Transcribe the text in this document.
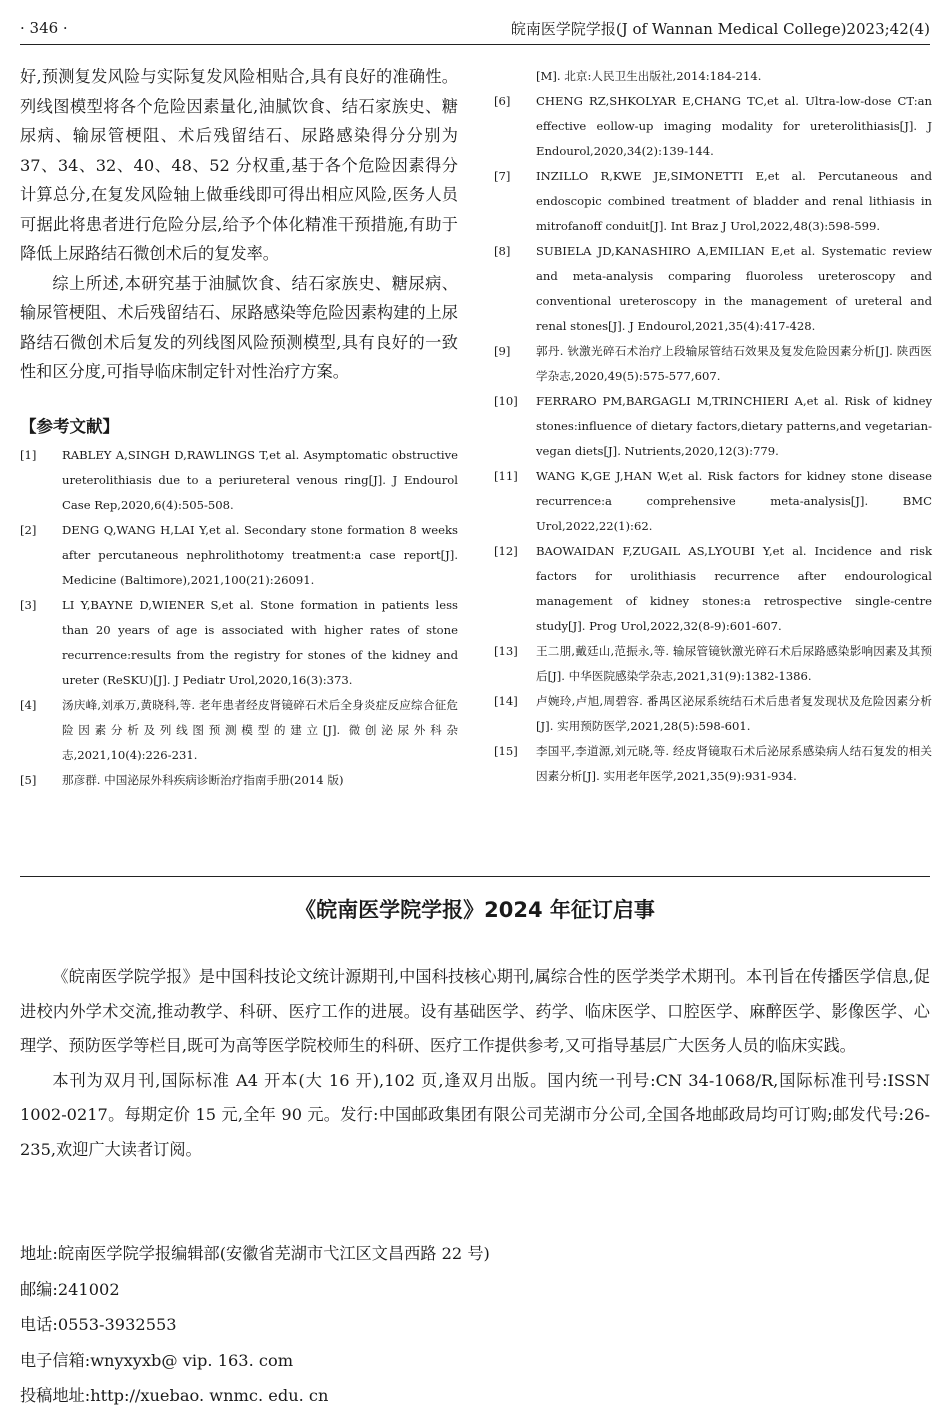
· 346 ·	皖南医学院学报(J of Wannan Medical College)2023;42(4)

好,预测复发风险与实际复发风险相贴合,具有良好的准确性。列线图模型将各个危险因素量化,油腻饮食、结石家族史、糖尿病、输尿管梗阻、术后残留结石、尿路感染得分分别为 37、34、32、40、48、52 分权重,基于各个危险因素得分计算总分,在复发风险轴上做垂线即可得出相应风险,医务人员可据此将患者进行危险分层,给予个体化精准干预措施,有助于降低上尿路结石微创术后的复发率。

综上所述,本研究基于油腻饮食、结石家族史、糖尿病、输尿管梗阻、术后残留结石、尿路感染等危险因素构建的上尿路结石微创术后复发的列线图风险预测模型,具有良好的一致性和区分度,可指导临床制定针对性治疗方案。

【参考文献】
[1]	RABLEY A,SINGH D,RAWLINGS T,et al. Asymptomatic obstructive ureterolithiasis due to a periureteral venous ring[J]. J Endourol Case Rep,2020,6(4):505-508.
[2]	DENG Q,WANG H,LAI Y,et al. Secondary stone formation 8 weeks after percutaneous nephrolithotomy treatment:a case report[J]. Medicine (Baltimore),2021,100(21):26091.
[3]	LI Y,BAYNE D,WIENER S,et al. Stone formation in patients less than 20 years of age is associated with higher rates of stone recurrence:results from the registry for stones of the kidney and ureter (ReSKU)[J]. J Pediatr Urol,2020,16(3):373.
[4]	汤庆峰,刘承万,黄晓科,等. 老年患者经皮肾镜碎石术后全身炎症反应综合征危险因素分析及列线图预测模型的建立[J]. 微创泌尿外科杂志,2021,10(4):226-231.
[5]	那彦群. 中国泌尿外科疾病诊断治疗指南手册(2014 版)
[M]. 北京:人民卫生出版社,2014:184-214.
[6]	CHENG RZ,SHKOLYAR E,CHANG TC,et al. Ultra-low-dose CT:an effective eollow-up imaging modality for ureterolithiasis[J]. J Endourol,2020,34(2):139-144.
[7]	INZILLO R,KWE JE,SIMONETTI E,et al. Percutaneous and endoscopic combined treatment of bladder and renal lithiasis in mitrofanoff conduit[J]. Int Braz J Urol,2022,48(3):598-599.
[8]	SUBIELA JD,KANASHIRO A,EMILIAN E,et al. Systematic review and meta-analysis comparing fluoroless ureteroscopy and conventional ureteroscopy in the management of ureteral and renal stones[J]. J Endourol,2021,35(4):417-428.
[9]	郭丹. 钬激光碎石术治疗上段输尿管结石效果及复发危险因素分析[J]. 陕西医学杂志,2020,49(5):575-577,607.
[10]	FERRARO PM,BARGAGLI M,TRINCHIERI A,et al. Risk of kidney stones:influence of dietary factors,dietary patterns,and vegetarian-vegan diets[J]. Nutrients,2020,12(3):779.
[11]	WANG K,GE J,HAN W,et al. Risk factors for kidney stone disease recurrence:a comprehensive meta-analysis[J]. BMC Urol,2022,22(1):62.
[12]	BAOWAIDAN F,ZUGAIL AS,LYOUBI Y,et al. Incidence and risk factors for urolithiasis recurrence after endourological management of kidney stones:a retrospective single-centre study[J]. Prog Urol,2022,32(8-9):601-607.
[13]	王二朋,戴廷山,范振永,等. 输尿管镜钬激光碎石术后尿路感染影响因素及其预后[J]. 中华医院感染学杂志,2021,31(9):1382-1386.
[14]	卢婉玲,卢旭,周碧容. 番禺区泌尿系统结石术后患者复发现状及危险因素分析[J]. 实用预防医学,2021,28(5):598-601.
[15]	李国平,李道源,刘元晓,等. 经皮肾镜取石术后泌尿系感染病人结石复发的相关因素分析[J]. 实用老年医学,2021,35(9):931-934.
《皖南医学院学报》2024 年征订启事

《皖南医学院学报》是中国科技论文统计源期刊,中国科技核心期刊,属综合性的医学类学术期刊。本刊旨在传播医学信息,促进校内外学术交流,推动教学、科研、医疗工作的进展。设有基础医学、药学、临床医学、口腔医学、麻醉医学、影像医学、心理学、预防医学等栏目,既可为高等医学院校师生的科研、医疗工作提供参考,又可指导基层广大医务人员的临床实践。

本刊为双月刊,国际标准 A4 开本(大 16 开),102 页,逢双月出版。国内统一刊号:CN 34-1068/R,国际标准刊号:ISSN 1002-0217。每期定价 15 元,全年 90 元。发行:中国邮政集团有限公司芜湖市分公司,全国各地邮政局均可订购;邮发代号:26-235,欢迎广大读者订阅。

地址:皖南医学院学报编辑部(安徽省芜湖市弋江区文昌西路 22 号)
邮编:241002
电话:0553-3932553
电子信箱:wnyxyxb@ vip. 163. com
投稿地址:http://xuebao. wnmc. edu. cn
